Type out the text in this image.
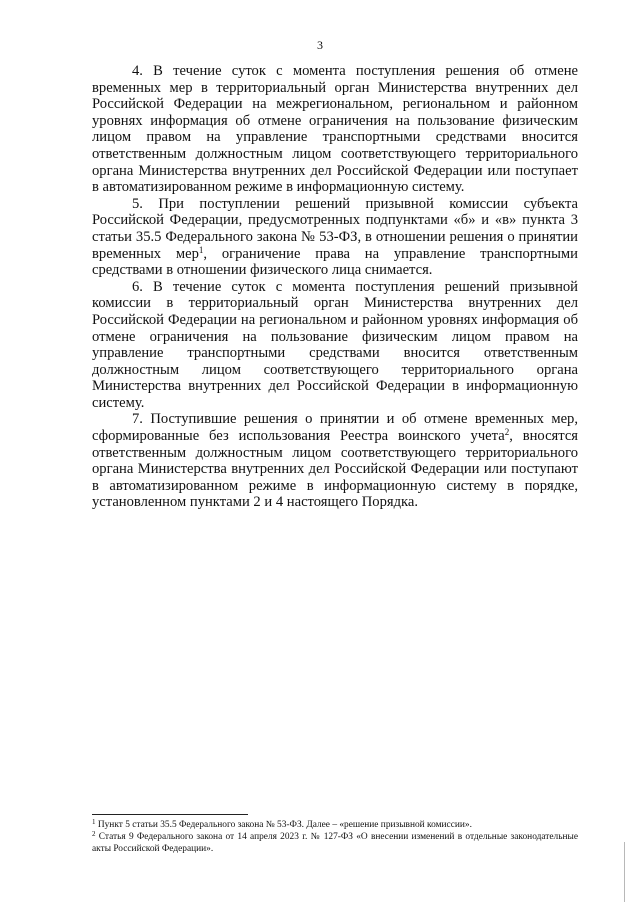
3

4. В течение суток с момента поступления решения об отмене временных мер в территориальный орган Министерства внутренних дел Российской Федерации на межрегиональном, региональном и районном уровнях информация об отмене ограничения на пользование физическим лицом правом на управление транспортными средствами вносится ответственным должностным лицом соответствующего территориального органа Министерства внутренних дел Российской Федерации или поступает в автоматизированном режиме в информационную систему.

5. При поступлении решений призывной комиссии субъекта Российской Федерации, предусмотренных подпунктами «б» и «в» пункта 3 статьи 35.5 Федерального закона № 53-ФЗ, в отношении решения о принятии временных мер$^1$, ограничение права на управление транспортными средствами в отношении физического лица снимается.

6. В течение суток с момента поступления решений призывной комиссии в территориальный орган Министерства внутренних дел Российской Федерации на региональном и районном уровнях информация об отмене ограничения на пользование физическим лицом правом на управление транспортными средствами вносится ответственным должностным лицом соответствующего территориального органа Министерства внутренних дел Российской Федерации в информационную систему.

7. Поступившие решения о принятии и об отмене временных мер, сформированные без использования Реестра воинского учета$^2$, вносятся ответственным должностным лицом соответствующего территориального органа Министерства внутренних дел Российской Федерации или поступают в автоматизированном режиме в информационную систему в порядке, установленном пунктами 2 и 4 настоящего Порядка.

$^1$ Пункт 5 статьи 35.5 Федерального закона № 53-ФЗ. Далее – «решение призывной комиссии».

$^2$ Статья 9 Федерального закона от 14 апреля 2023 г. № 127-ФЗ «О внесении изменений в отдельные законодательные акты Российской Федерации».
